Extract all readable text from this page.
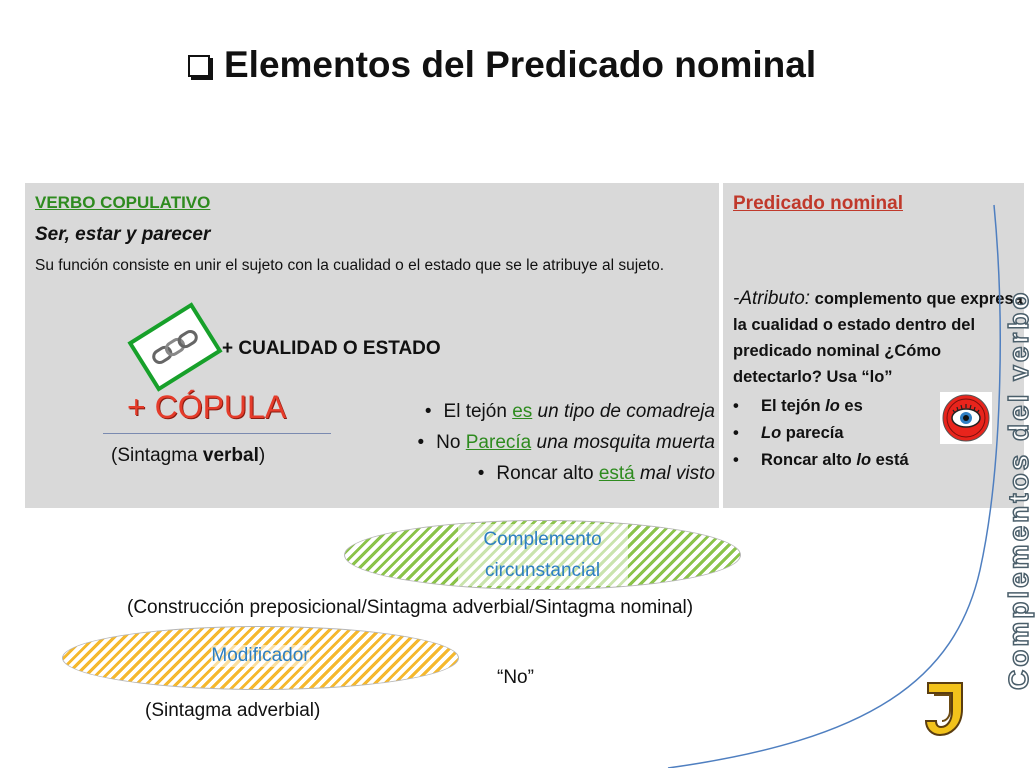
Elementos del Predicado nominal
VERBO COPULATIVO
Ser, estar y parecer
Su función consiste en unir el sujeto con la cualidad o el estado que se le atribuye al sujeto.
+ CUALIDAD O ESTADO
+ CÓPULA
(Sintagma verbal)
• El tejón es un tipo de comadreja
• No Parecía una mosquita muerta
• Roncar alto está mal visto
Predicado nominal
-Atributo: complemento que expresa la cualidad o estado dentro del predicado nominal ¿Cómo detectarlo? Usa “lo”
• El tejón lo es
• Lo parecía
• Roncar alto lo está	Complementos del verbo
Complemento circunstancial
(Construcción preposicional/Sintagma adverbial/Sintagma nominal)
Modificador
“No”
(Sintagma adverbial)
